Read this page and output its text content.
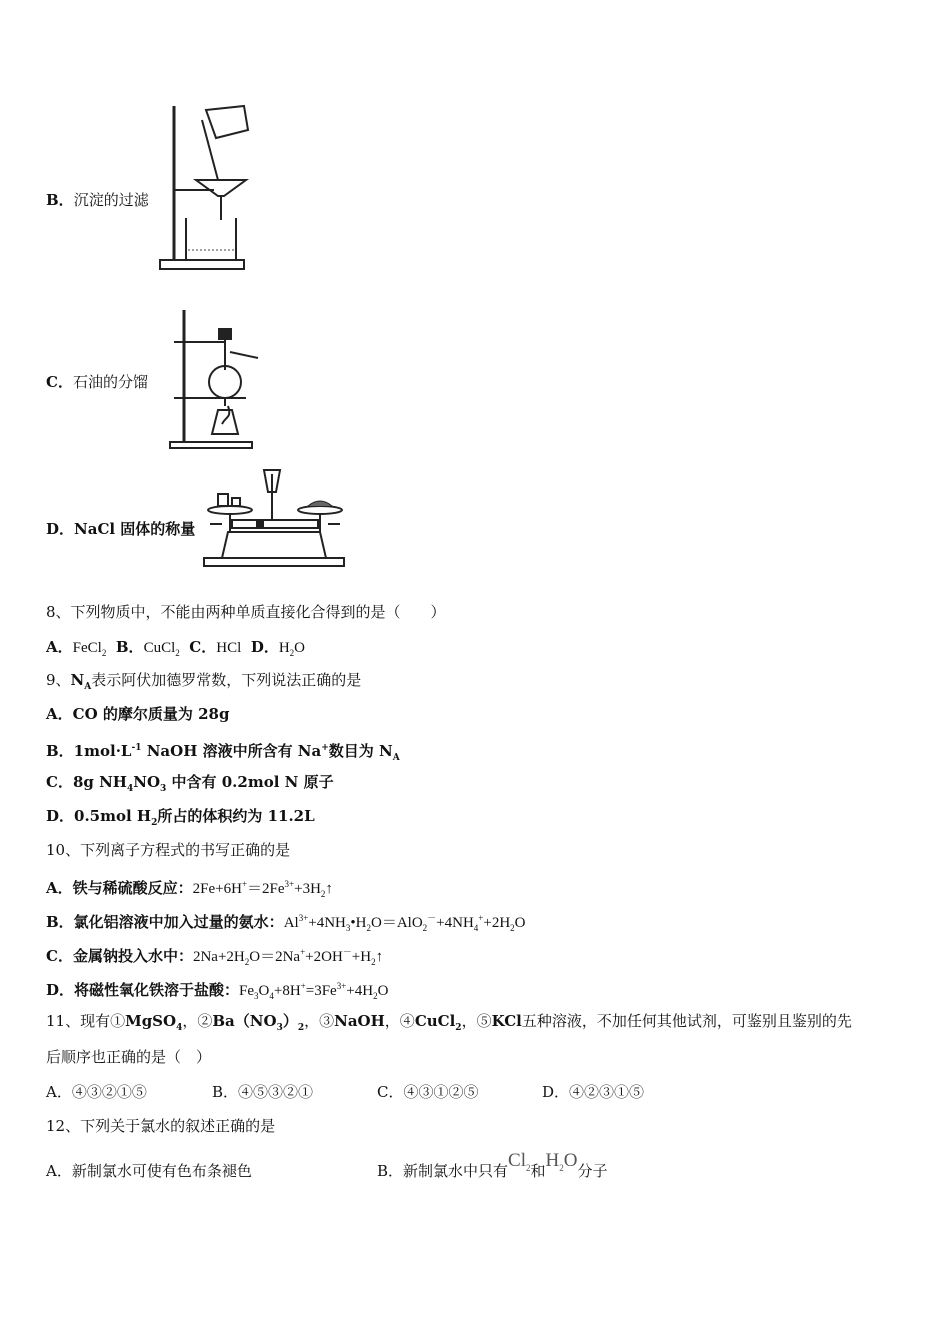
B．沉淀的过滤
C．石油的分馏
D．NaCl 固体的称量
8、下列物质中，不能由两种单质直接化合得到的是（　　）
A．FeCl$_2$ B．CuCl$_2$ C．HCl D．$H_2O$
9、$N_A$表示阿伏加德罗常数，下列说法正确的是
A．CO 的摩尔质量为 28g
B．$1mol\cdot L^{-1}$ NaOH 溶液中所含有 Na+数目为 $N_A$
C．8g $NH_4NO_3$ 中含有 0.2mol N 原子
D．0.5mol $H_2$所占的体积约为 11.2L
10、下列离子方程式的书写正确的是
A．铁与稀硫酸反应：$2Fe+6H^+=2Fe^{3+}+3H_2↑$
B．氯化铝溶液中加入过量的氨水：$Al^{3+}+4NH_3•H_2O=AlO_2^-+4NH_4^++2H_2O$
C．金属钠投入水中：$2Na+2H_2O=2Na^++2OH^-+H_2↑$
D．将磁性氧化铁溶于盐酸：$Fe_3O_4+8H^+=3Fe^{3+}+4H_2O$
11、现有①MgSO$_4$，$②Ba(NO_3)_2$，③NaOH，④CuCl$_2$，⑤KCl五种溶液，不加任何其他试剂，可鉴别且鉴别的先
后顺序也正确的是（　）
A．④③②①⑤	B．④⑤③②①	C．④③①②⑤	D．④②③①⑤
12、下列关于氯水的叙述正确的是
A．新制氯水可使有色布条褪色	B．新制氯水中只有$Cl_2$和$H_2O$分子
